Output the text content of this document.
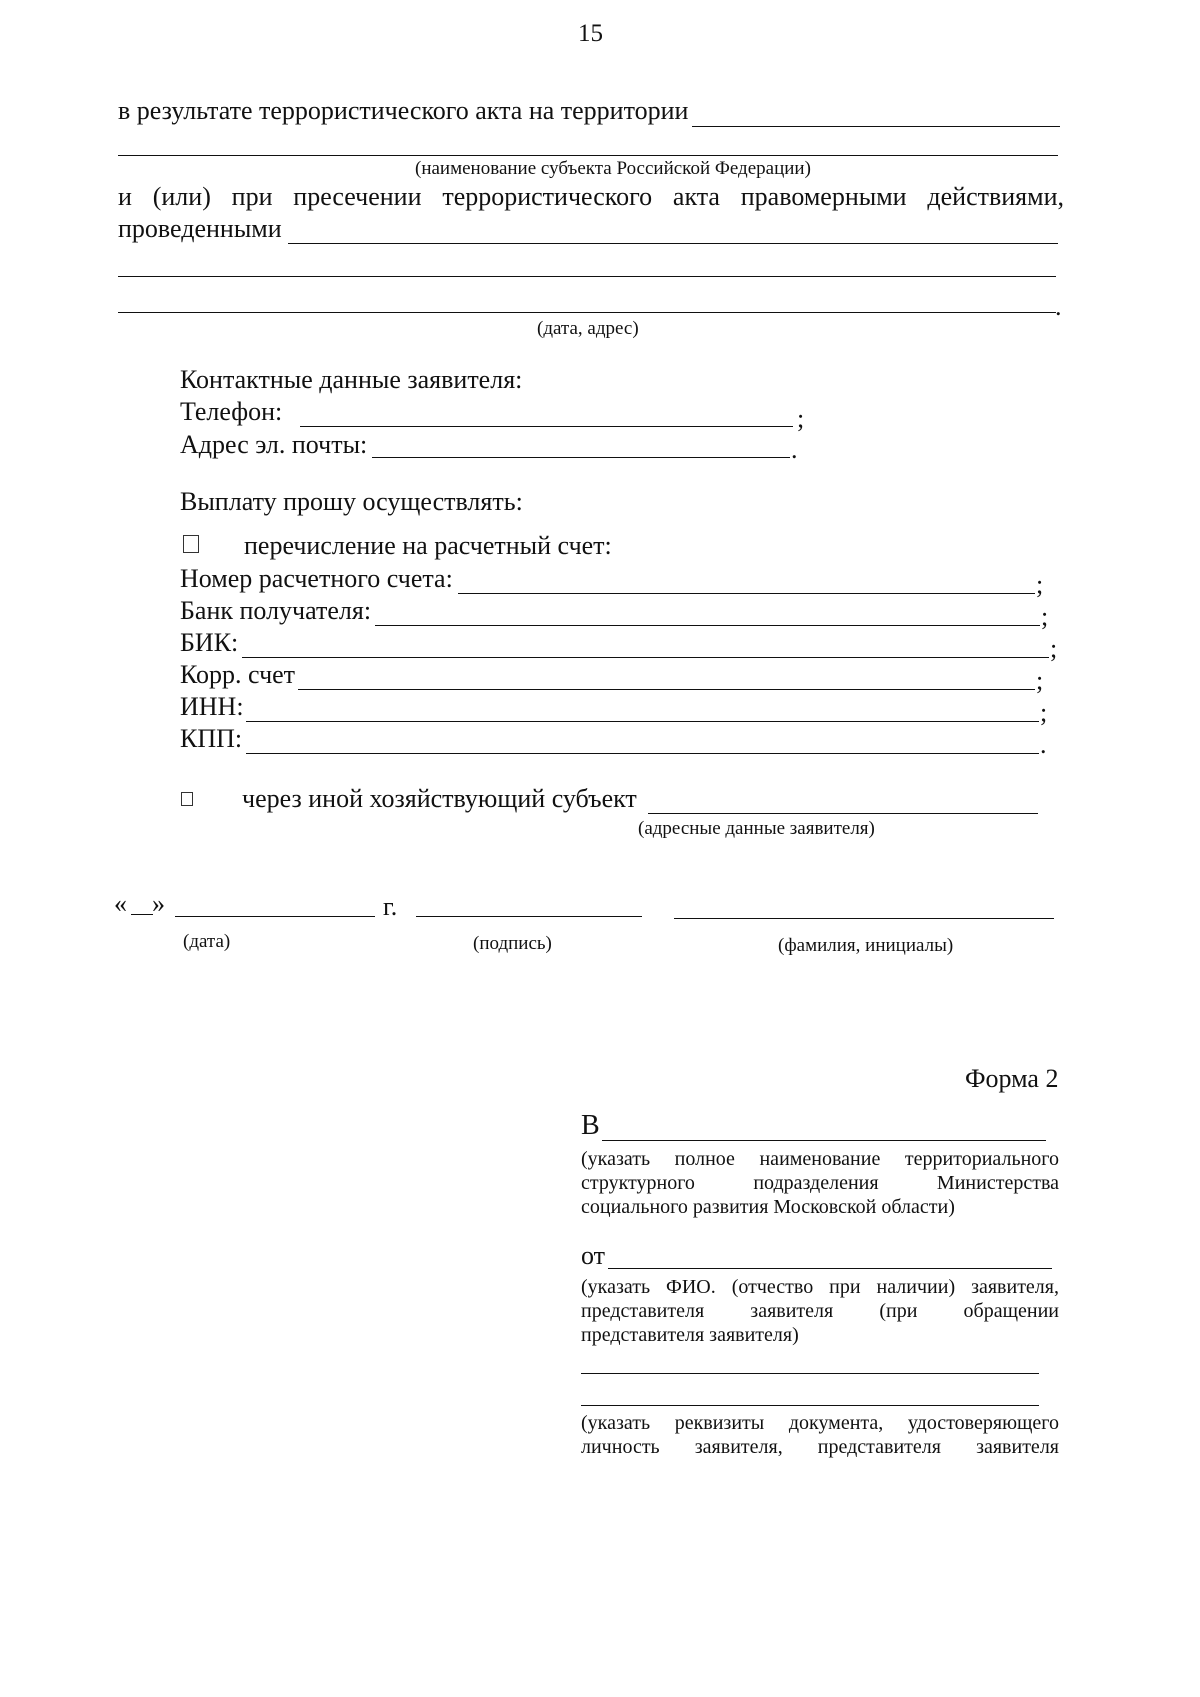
15
в результате террористического акта на территории
(наименование субъекта Российской Федерации)
и (или) при пресечении террористического акта правомерными действиями,
проведенными
.
(дата, адрес)
Контактные данные заявителя:
Телефон:	;
Адрес эл. почты:	.
Выплату прошу осуществлять:
перечисление на расчетный счет:
Номер расчетного счета:	;
Банк получателя:	;
БИК:	;
Корр. счет	;
ИНН:	;
КПП:	.
через иной хозяйствующий субъект
(адресные данные заявителя)
« »	г.
(дата)	(подпись)	(фамилия, инициалы)
Форма 2
В
(указать полное наименование территориального
структурного подразделения Министерства
социального развития Московской области)
от
(указать ФИО. (отчество при наличии) заявителя,
представителя заявителя (при обращении
представителя заявителя)
(указать реквизиты документа, удостоверяющего
личность заявителя, представителя заявителя
